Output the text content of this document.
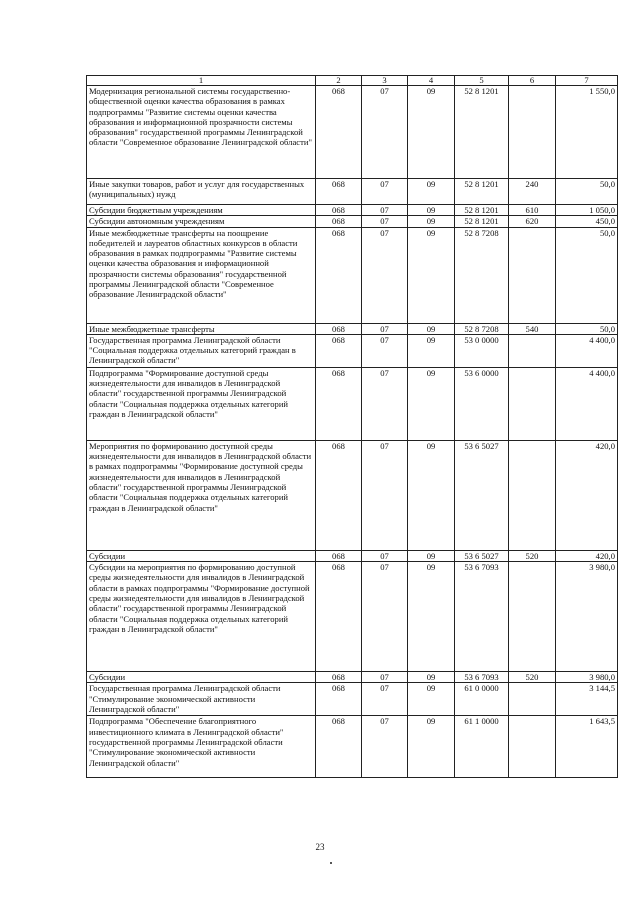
1	2	3	4	5	6	7
Модернизация региональной системы государственно-общественной оценки качества образования в рамках подпрограммы "Развитие системы оценки качества образования и информационной прозрачности системы образования" государственной программы Ленинградской области "Современное образование Ленинградской области"	068	07	09	52 8 1201		1 550,0
Иные закупки товаров, работ и услуг для государственных (муниципальных) нужд	068	07	09	52 8 1201	240	50,0
Субсидии бюджетным учреждениям	068	07	09	52 8 1201	610	1 050,0
Субсидии автономным учреждениям	068	07	09	52 8 1201	620	450,0
Иные межбюджетные трансферты на поощрение победителей и лауреатов областных конкурсов в области образования в рамках подпрограммы "Развитие системы оценки качества образования и информационной прозрачности системы образования" государственной программы Ленинградской области "Современное образование Ленинградской области"	068	07	09	52 8 7208		50,0
Иные межбюджетные трансферты	068	07	09	52 8 7208	540	50,0
Государственная программа Ленинградской области "Социальная поддержка отдельных категорий граждан в Ленинградской области"	068	07	09	53 0 0000		4 400,0
Подпрограмма "Формирование доступной среды жизнедеятельности для инвалидов в Ленинградской области" государственной программы Ленинградской области "Социальная поддержка отдельных категорий граждан в Ленинградской области"	068	07	09	53 6 0000		4 400,0
Мероприятия по формированию доступной среды жизнедеятельности для инвалидов в Ленинградской области в рамках подпрограммы "Формирование доступной среды жизнедеятельности для инвалидов в Ленинградской области" государственной программы Ленинградской области "Социальная поддержка отдельных категорий граждан в Ленинградской области"	068	07	09	53 6 5027		420,0
Субсидии	068	07	09	53 6 5027	520	420,0
Субсидии на мероприятия по формированию доступной среды жизнедеятельности для инвалидов в Ленинградской области в рамках подпрограммы "Формирование доступной среды жизнедеятельности для инвалидов в Ленинградской области" государственной программы Ленинградской области "Социальная поддержка отдельных категорий граждан в Ленинградской области"	068	07	09	53 6 7093		3 980,0
Субсидии	068	07	09	53 6 7093	520	3 980,0
Государственная программа Ленинградской области "Стимулирование экономической активности Ленинградской области"	068	07	09	61 0 0000		3 144,5
Подпрограмма "Обеспечение благоприятного инвестиционного климата в Ленинградской области" государственной программы Ленинградской области "Стимулирование экономической активности Ленинградской области"	068	07	09	61 1 0000		1 643,5
23
